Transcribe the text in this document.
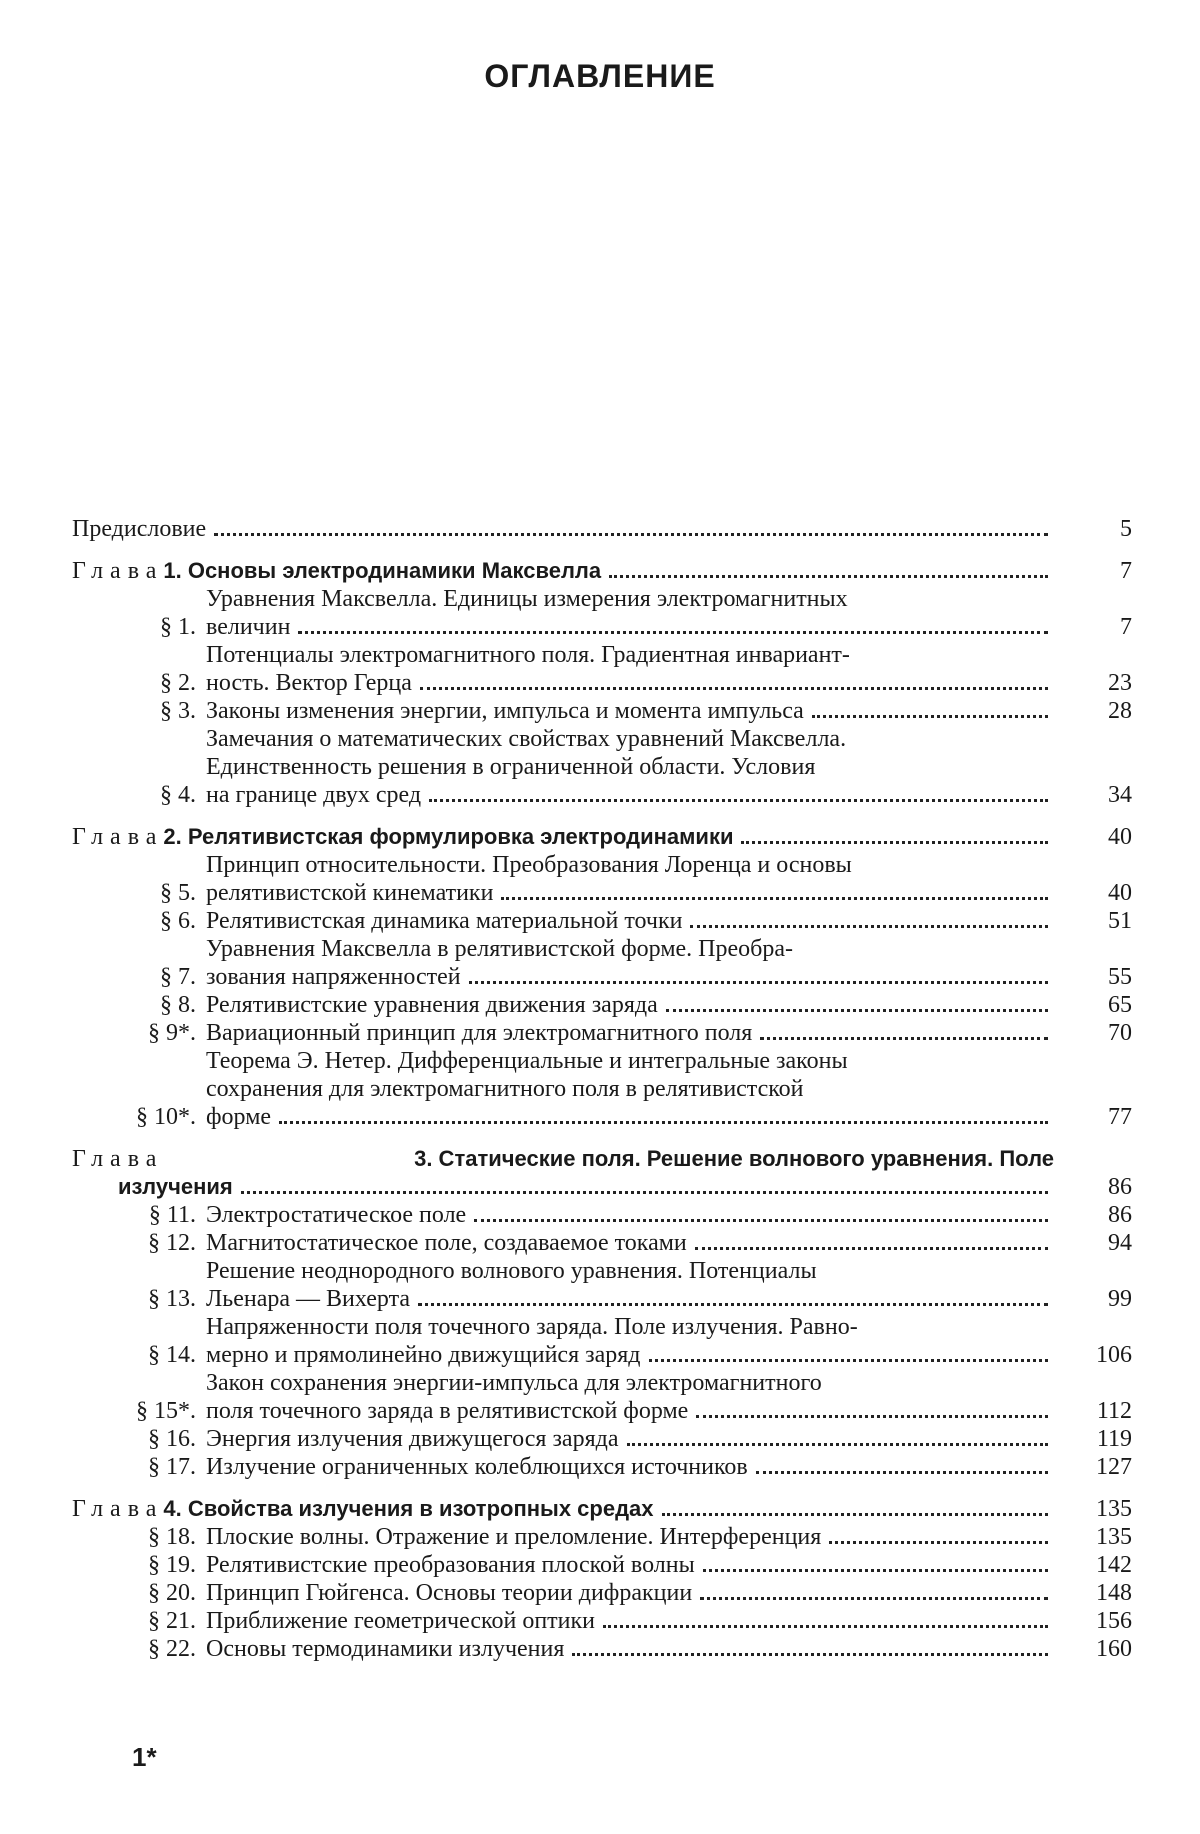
ОГЛАВЛЕНИЕ
Предисловие	5
Глава 1. Основы электродинамики Максвелла	7
§ 1.
Уравнения Максвелла. Единицы измерения электромагнитных
величин	7
§ 2.
Потенциалы электромагнитного поля. Градиентная инвариант-
ность. Вектор Герца	23
§ 3. Законы изменения энергии, импульса и момента импульса	28
§ 4.
Замечания о математических свойствах уравнений Максвелла.
Единственность решения в ограниченной области. Условия
на границе двух сред	34
Глава 2. Релятивистская формулировка электродинамики	40
§ 5.
Принцип относительности. Преобразования Лоренца и основы
релятивистской кинематики	40
§ 6. Релятивистская динамика материальной точки	51
§ 7.
Уравнения Максвелла в релятивистской форме. Преобра-
зования напряженностей	55
§ 8. Релятивистские уравнения движения заряда	65
§ 9*. Вариационный принцип для электромагнитного поля	70
§ 10*.
Теорема Э. Нетер. Дифференциальные и интегральные законы
сохранения для электромагнитного поля в релятивистской
форме	77
Глава	3. Статические поля. Решение волнового уравнения. Поле
излучения	86
§ 11. Электростатическое поле	86
§ 12. Магнитостатическое поле, создаваемое токами	94
§ 13.
Решение неоднородного волнового уравнения. Потенциалы
Льенара — Вихерта	99
§ 14.
Напряженности поля точечного заряда. Поле излучения. Равно-
мерно и прямолинейно движущийся заряд	106
§ 15*.
Закон сохранения энергии-импульса для электромагнитного
поля точечного заряда в релятивистской форме	112
§ 16. Энергия излучения движущегося заряда	119
§ 17. Излучение ограниченных колеблющихся источников	127
Глава 4. Свойства излучения в изотропных средах	135
§ 18. Плоские волны. Отражение и преломление. Интерференция	135
§ 19. Релятивистские преобразования плоской волны	142
§ 20. Принцип Гюйгенса. Основы теории дифракции	148
§ 21. Приближение геометрической оптики	156
§ 22. Основы термодинамики излучения	160
1*
